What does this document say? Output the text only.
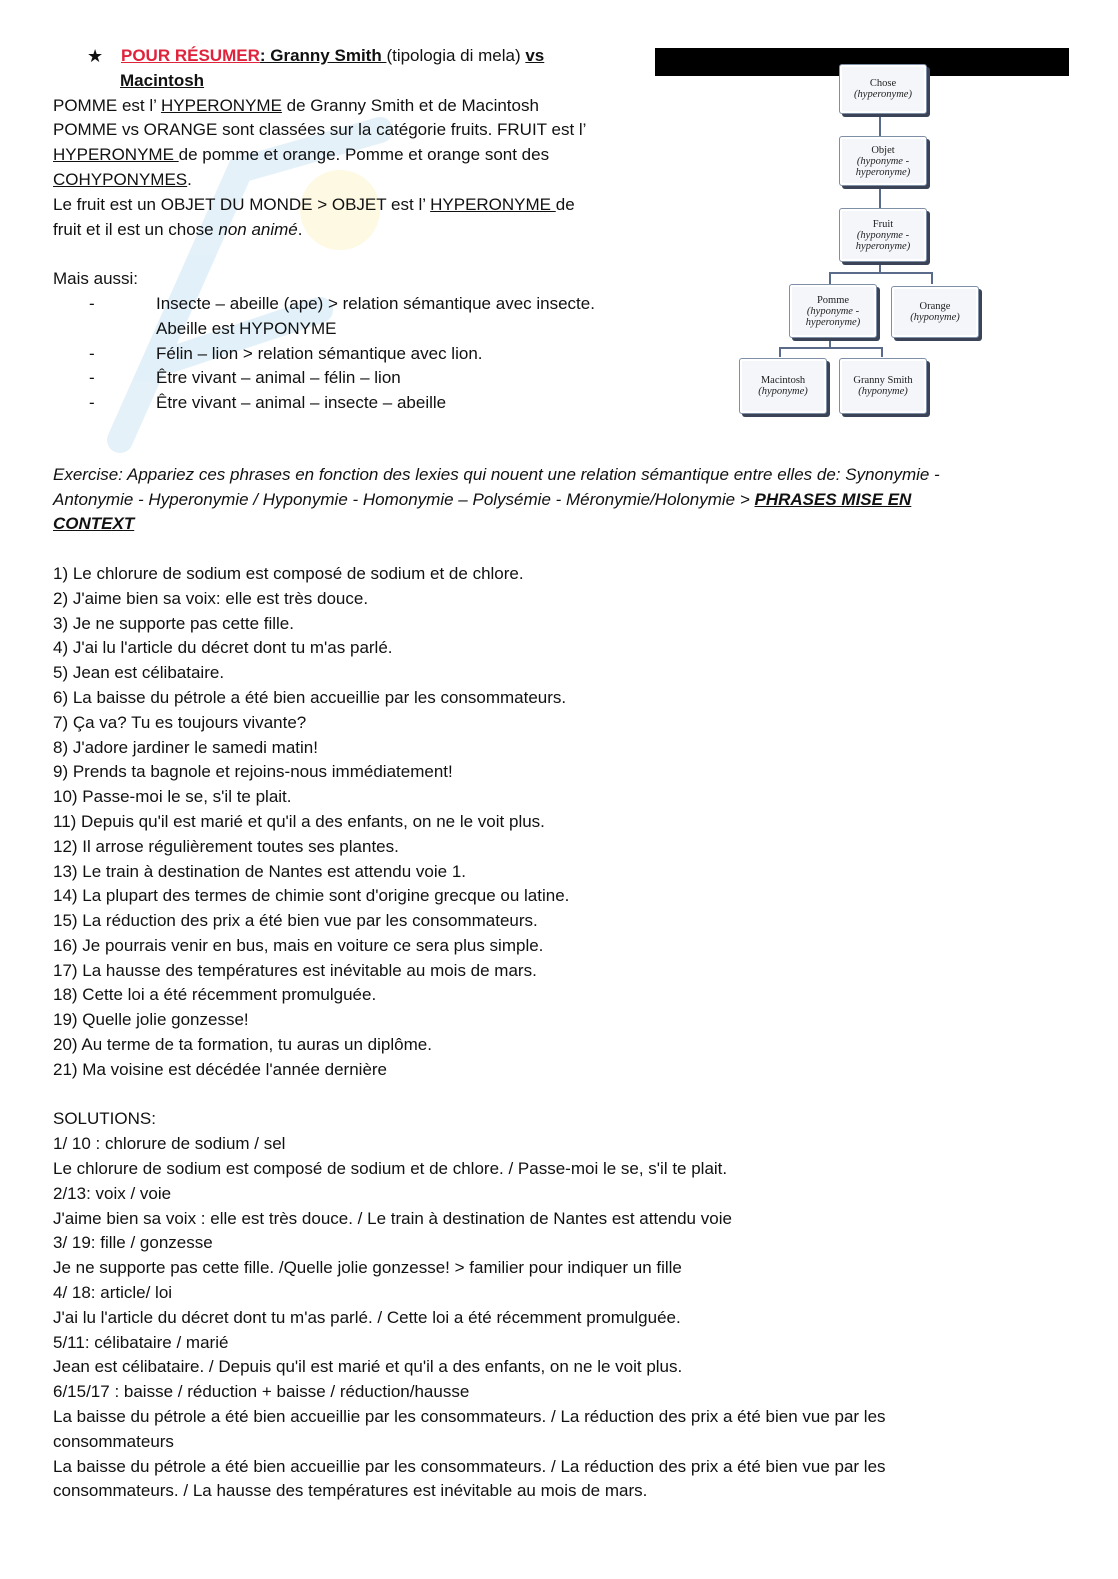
★ POUR RÉSUMER: Granny Smith (tipologia di mela) vs
Macintosh
POMME est l’ HYPERONYME de Granny Smith et de Macintosh
POMME vs ORANGE sont classées sur la catégorie fruits. FRUIT est l’
HYPERONYME de pomme et orange. Pomme et orange sont des
COHYPONYMES.
Le fruit est un OBJET DU MONDE > OBJET est l’ HYPERONYME de
fruit et il est un chose non animé.
Mais aussi:
-	Insecte – abeille (ape) > relation sémantique avec insecte.
Abeille est HYPONYME
-	Félin – lion > relation sémantique avec lion.
-	Être vivant – animal – félin – lion
-	Être vivant – animal – insecte – abeille
Exercise: Appariez ces phrases en fonction des lexies qui nouent une relation sémantique entre elles de: Synonymie -
Antonymie - Hyperonymie / Hyponymie - Homonymie – Polysémie - Méronymie/Holonymie > PHRASES MISE EN
CONTEXT
1) Le chlorure de sodium est composé de sodium et de chlore.
2) J'aime bien sa voix: elle est très douce.
3) Je ne supporte pas cette fille.
4) J'ai lu l'article du décret dont tu m'as parlé.
5) Jean est célibataire.
6) La baisse du pétrole a été bien accueillie par les consommateurs.
7) Ça va? Tu es toujours vivante?
8) J'adore jardiner le samedi matin!
9) Prends ta bagnole et rejoins-nous immédiatement!
10) Passe-moi le se, s'il te plait.
11) Depuis qu'il est marié et qu'il a des enfants, on ne le voit plus.
12) Il arrose régulièrement toutes ses plantes.
13) Le train à destination de Nantes est attendu voie 1.
14) La plupart des termes de chimie sont d'origine grecque ou latine.
15) La réduction des prix a été bien vue par les consommateurs.
16) Je pourrais venir en bus, mais en voiture ce sera plus simple.
17) La hausse des températures est inévitable au mois de mars.
18) Cette loi a été récemment promulguée.
19) Quelle jolie gonzesse!
20) Au terme de ta formation, tu auras un diplôme.
21) Ma voisine est décédée l'année dernière
SOLUTIONS:
1/ 10 : chlorure de sodium / sel
Le chlorure de sodium est composé de sodium et de chlore. / Passe-moi le se, s'il te plait.
2/13: voix / voie
J'aime bien sa voix : elle est très douce. / Le train à destination de Nantes est attendu voie
3/ 19: fille / gonzesse
Je ne supporte pas cette fille. /Quelle jolie gonzesse! > familier pour indiquer un fille
4/ 18: article/ loi
J'ai lu l'article du décret dont tu m'as parlé. / Cette loi a été récemment promulguée.
5/11: célibataire / marié
Jean est célibataire. / Depuis qu'il est marié et qu'il a des enfants, on ne le voit plus.
6/15/17 : baisse / réduction + baisse / réduction/hausse
La baisse du pétrole a été bien accueillie par les consommateurs. / La réduction des prix a été bien vue par les
consommateurs
La baisse du pétrole a été bien accueillie par les consommateurs. / La réduction des prix a été bien vue par les
consommateurs. / La hausse des températures est inévitable au mois de mars.
Chose
(hyperonyme)
Objet
(hyponyme -
hyperonyme)
Fruit
(hyponyme -
hyperonyme)
Pomme
(hyponyme -
hyperonyme)
Orange
(hyponyme)
Macintosh
(hyponyme)
Granny Smith
(hyponyme)
